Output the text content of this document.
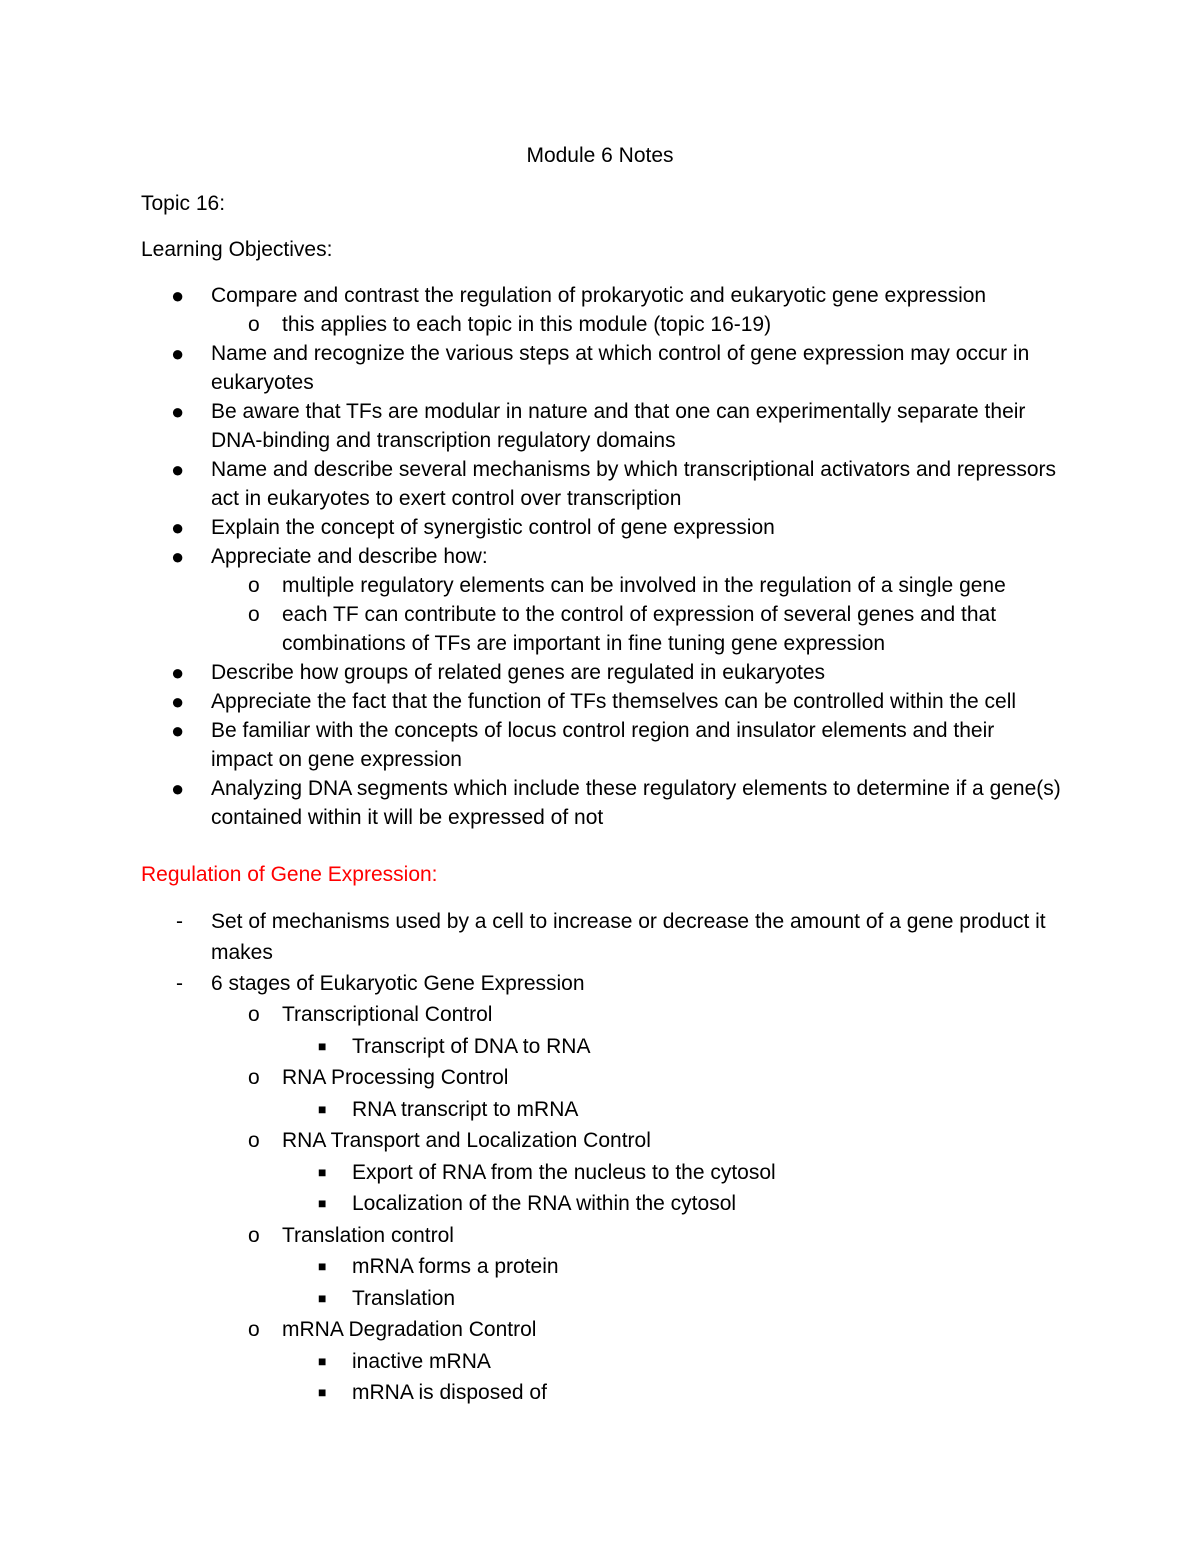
Module 6 Notes
Topic 16:
Learning Objectives:
● Compare and contrast the regulation of prokaryotic and eukaryotic gene expression
o this applies to each topic in this module (topic 16-19)
● Name and recognize the various steps at which control of gene expression may occur in eukaryotes
● Be aware that TFs are modular in nature and that one can experimentally separate their DNA-binding and transcription regulatory domains
● Name and describe several mechanisms by which transcriptional activators and repressors act in eukaryotes to exert control over transcription
● Explain the concept of synergistic control of gene expression
● Appreciate and describe how:
o multiple regulatory elements can be involved in the regulation of a single gene
o each TF can contribute to the control of expression of several genes and that combinations of TFs are important in fine tuning gene expression
● Describe how groups of related genes are regulated in eukaryotes
● Appreciate the fact that the function of TFs themselves can be controlled within the cell
● Be familiar with the concepts of locus control region and insulator elements and their impact on gene expression
● Analyzing DNA segments which include these regulatory elements to determine if a gene(s) contained within it will be expressed of not
Regulation of Gene Expression:
- Set of mechanisms used by a cell to increase or decrease the amount of a gene product it makes
- 6 stages of Eukaryotic Gene Expression
o Transcriptional Control
■ Transcript of DNA to RNA
o RNA Processing Control
■ RNA transcript to mRNA
o RNA Transport and Localization Control
■ Export of RNA from the nucleus to the cytosol
■ Localization of the RNA within the cytosol
o Translation control
■ mRNA forms a protein
■ Translation
o mRNA Degradation Control
■ inactive mRNA
■ mRNA is disposed of
